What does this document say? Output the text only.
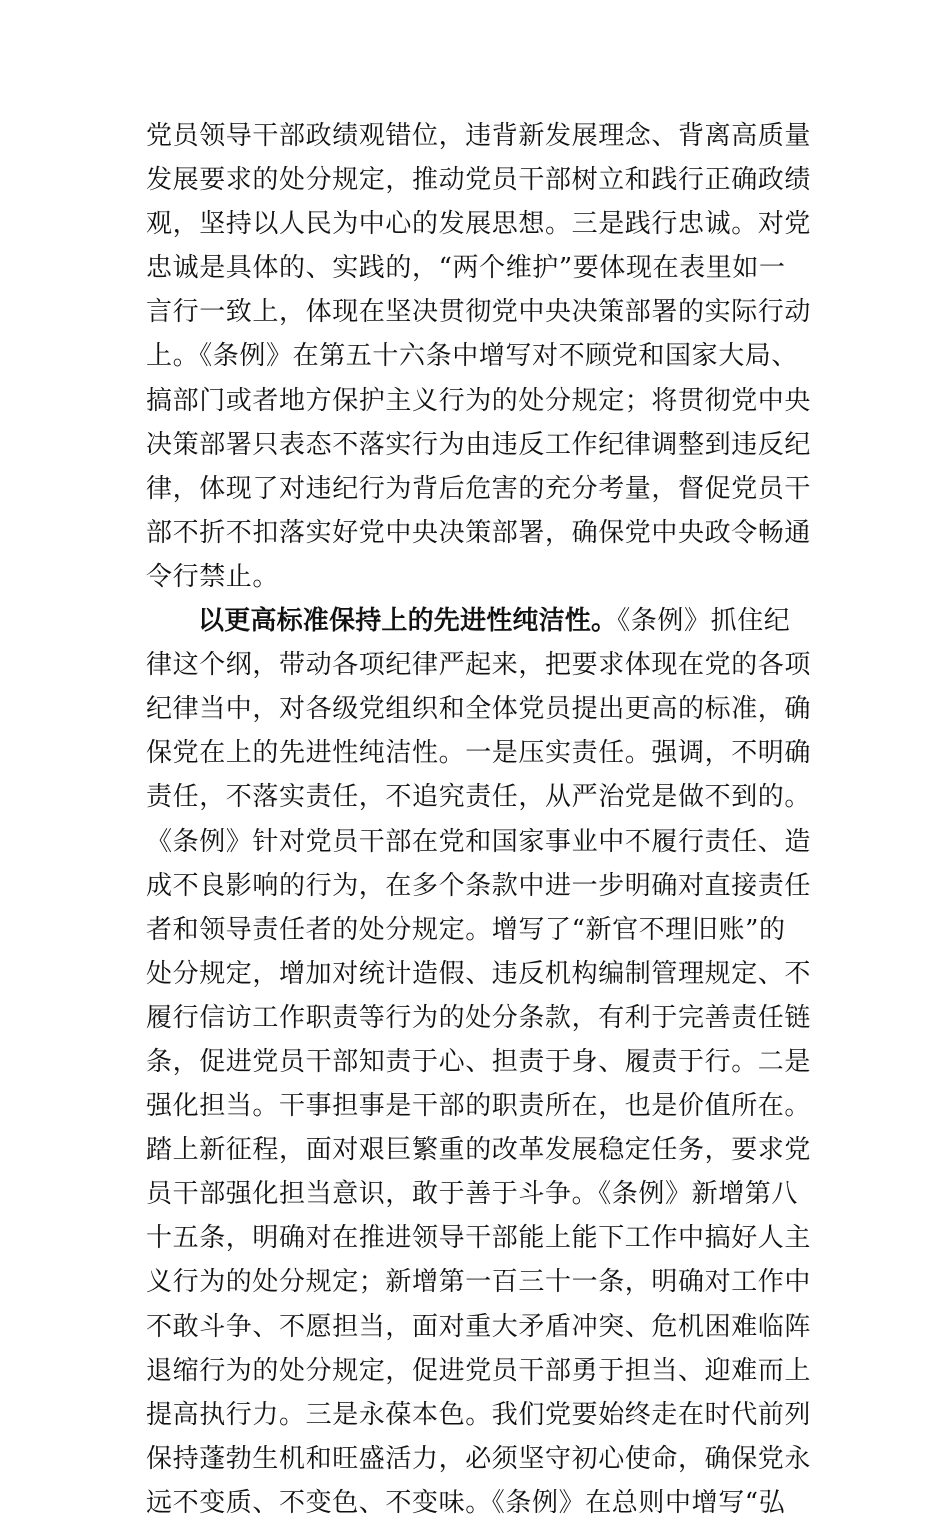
党员领导干部政绩观错位，违背新发展理念、背离高质量
发展要求的处分规定，推动党员干部树立和践行正确政绩
观，坚持以人民为中心的发展思想。三是践行忠诚。对党
忠诚是具体的、实践的，“两个维护”要体现在表里如一
言行一致上，体现在坚决贯彻党中央决策部署的实际行动
上。《条例》在第五十六条中增写对不顾党和国家大局、
搞部门或者地方保护主义行为的处分规定；将贯彻党中央
决策部署只表态不落实行为由违反工作纪律调整到违反纪
律，体现了对违纪行为背后危害的充分考量，督促党员干
部不折不扣落实好党中央决策部署，确保党中央政令畅通
令行禁止。
以更高标准保持上的先进性纯洁性。《条例》抓住纪
律这个纲，带动各项纪律严起来，把要求体现在党的各项
纪律当中，对各级党组织和全体党员提出更高的标准，确
保党在上的先进性纯洁性。一是压实责任。强调，不明确
责任，不落实责任，不追究责任，从严治党是做不到的。
《条例》针对党员干部在党和国家事业中不履行责任、造
成不良影响的行为，在多个条款中进一步明确对直接责任
者和领导责任者的处分规定。增写了“新官不理旧账”的
处分规定，增加对统计造假、违反机构编制管理规定、不
履行信访工作职责等行为的处分条款，有利于完善责任链
条，促进党员干部知责于心、担责于身、履责于行。二是
强化担当。干事担事是干部的职责所在，也是价值所在。
踏上新征程，面对艰巨繁重的改革发展稳定任务，要求党
员干部强化担当意识，敢于善于斗争。《条例》新增第八
十五条，明确对在推进领导干部能上能下工作中搞好人主
义行为的处分规定；新增第一百三十一条，明确对工作中
不敢斗争、不愿担当，面对重大矛盾冲突、危机困难临阵
退缩行为的处分规定，促进党员干部勇于担当、迎难而上
提高执行力。三是永葆本色。我们党要始终走在时代前列
保持蓬勃生机和旺盛活力，必须坚守初心使命，确保党永
远不变质、不变色、不变味。《条例》在总则中增写“弘
